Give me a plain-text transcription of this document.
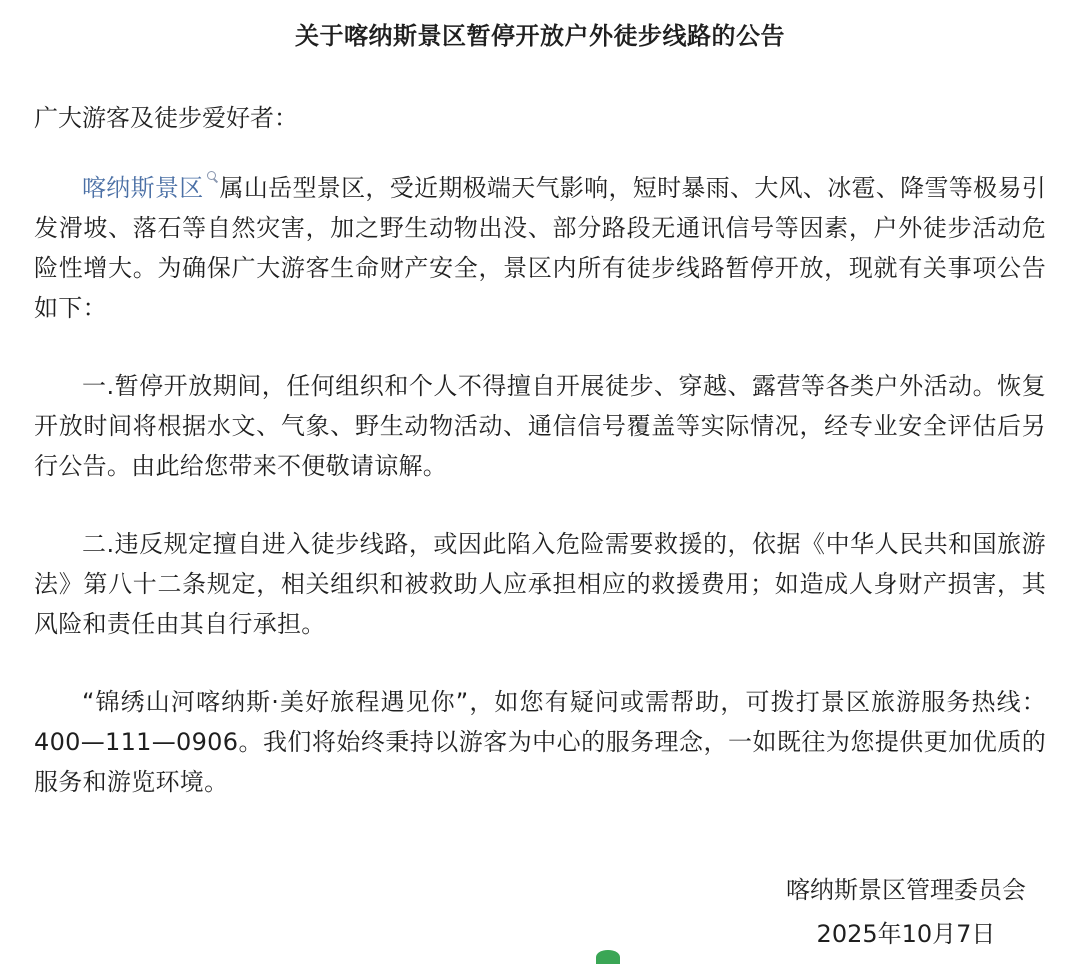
关于喀纳斯景区暂停开放户外徒步线路的公告

广大游客及徒步爱好者：

喀纳斯景区 属山岳型景区，受近期极端天气影响，短时暴雨、大风、冰雹、降雪等极易引发滑坡、落石等自然灾害，加之野生动物出没、部分路段无通讯信号等因素，户外徒步活动危险性增大。为确保广大游客生命财产安全，景区内所有徒步线路暂停开放，现就有关事项公告如下：

一.暂停开放期间，任何组织和个人不得擅自开展徒步、穿越、露营等各类户外活动。恢复开放时间将根据水文、气象、野生动物活动、通信信号覆盖等实际情况，经专业安全评估后另行公告。由此给您带来不便敬请谅解。

二.违反规定擅自进入徒步线路，或因此陷入危险需要救援的，依据《中华人民共和国旅游法》第八十二条规定，相关组织和被救助人应承担相应的救援费用；如造成人身财产损害，其风险和责任由其自行承担。

“锦绣山河喀纳斯·美好旅程遇见你”，如您有疑问或需帮助，可拨打景区旅游服务热线：400—111—0906。我们将始终秉持以游客为中心的服务理念，一如既往为您提供更加优质的服务和游览环境。

喀纳斯景区管理委员会
2025年10月7日
